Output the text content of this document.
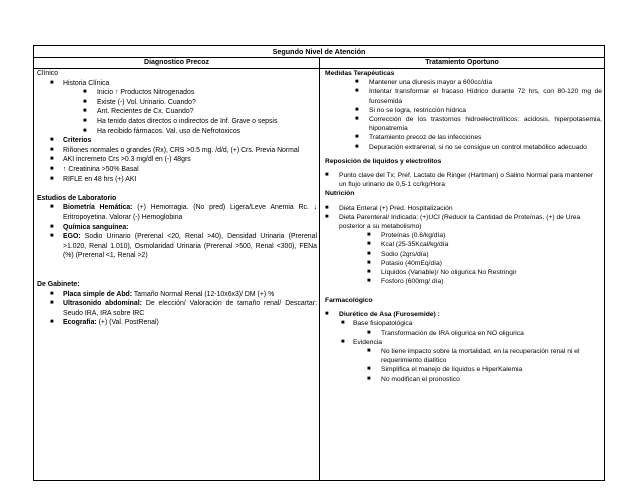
Segundo Nivel de Atención
Diagnostico Precoz	Tratamiento Oportuno
Clínico
■ Historia Clínica
■ Inicio ↑ Productos Nitrogenados
■ Existe (-) Vol. Urinario. Cuando?
■ Ant. Recientes de Cx. Cuando?
■ Ha tenido datos directos o indirectos de Inf. Grave o sepsis
■ Ha recibido fármacos. Val. uso de Nefrotoxicos
■ Criterios
■ Riñones normales o grandes (Rx), CRS >0.5 mg. /d/d, (+) Crs. Previa Normal
■ AKI incremeto Crs >0.3 mg/dl en (-) 48grs
■ ↑ Creatinina >50% Basal
■ RIFLE en 48 hrs (+) AKI
Estudios de Laboratorio
■ Biometría Hemática: (+) Hemorragia. (No pred) Ligera/Leve Anemia Rc. ↓ Eritropoyetina. Valorar (-) Hemoglobina
■ Química sanguínea:
■ EGO: Sodio Urinario (Prerenal <20, Renal >40), Densidad Urinaria (Prerenal >1.020, Renal 1.010), Osmolaridad Urinaria (Prerenal >500, Renal <300), FENa (%) (Prerenal <1, Renal >2)
De Gabinete:
■ Placa simple de Abd: Tamaño Normal Renal (12-10x6x3)/ DM (+) %
■ Ultrasonido abdominal: De elección/ Valoración de tamaño renal/ Descartar: Seudo IRA, IRA sobre IRC
■ Ecografía: (+) (Val. PostRenal)
Medidas Terapéuticas
■ Mantener una diuresis mayor a 600cc/día
■ Intentar transformar el fracaso Hídrico durante 72 hrs, con 80-120 mg de furosemida
■ Si no se logra, restricción hídrica
■ Corrección de los trastornos hidroelectrolíticos: acidosis, hiperpotasemia, hiponatremia
■ Tratamiento precoz de las infecciones
■ Depuración extrarenal, si no se consigue un control metabólico adecuado
Reposición de líquidos y electrolitos
■ Punto clave del Tx; Pref. Lactato de Ringer (Hartman) o Salino Normal para mantener un flujo urinario de 0,5-1 cc/kg/Hora
Nutrición
■ Dieta Enteral (+) Pred. Hospitalización
■ Dieta Parenteral/ Indicada: (+)UCI (Reducir la Cantidad de Proteínas. (+) de Urea posterior a su metabolismo)
■ Proteínas (0.6/kg/día)
■ Kcal (25-35Kcal/kg/día
■ Sodio (2grs/día)
■ Potasio (40mEq/día)
■ Líquidos (Variable)/ No oligurica No Restringir
■ Fosforo (600mg/ día)
Farmacológico
■ Diurético de Asa (Furosemide) :
■ Base fisiopatológica
■ Transformación de IRA oligurica en NO oligurica
■ Evidencia
■ No tiene impacto sobre la mortalidad, en la recuperación renal ni el requerimiento dialítico
■ Simplifica el manejo de líquidos e HiperKalemia
■ No modifican el pronostico
